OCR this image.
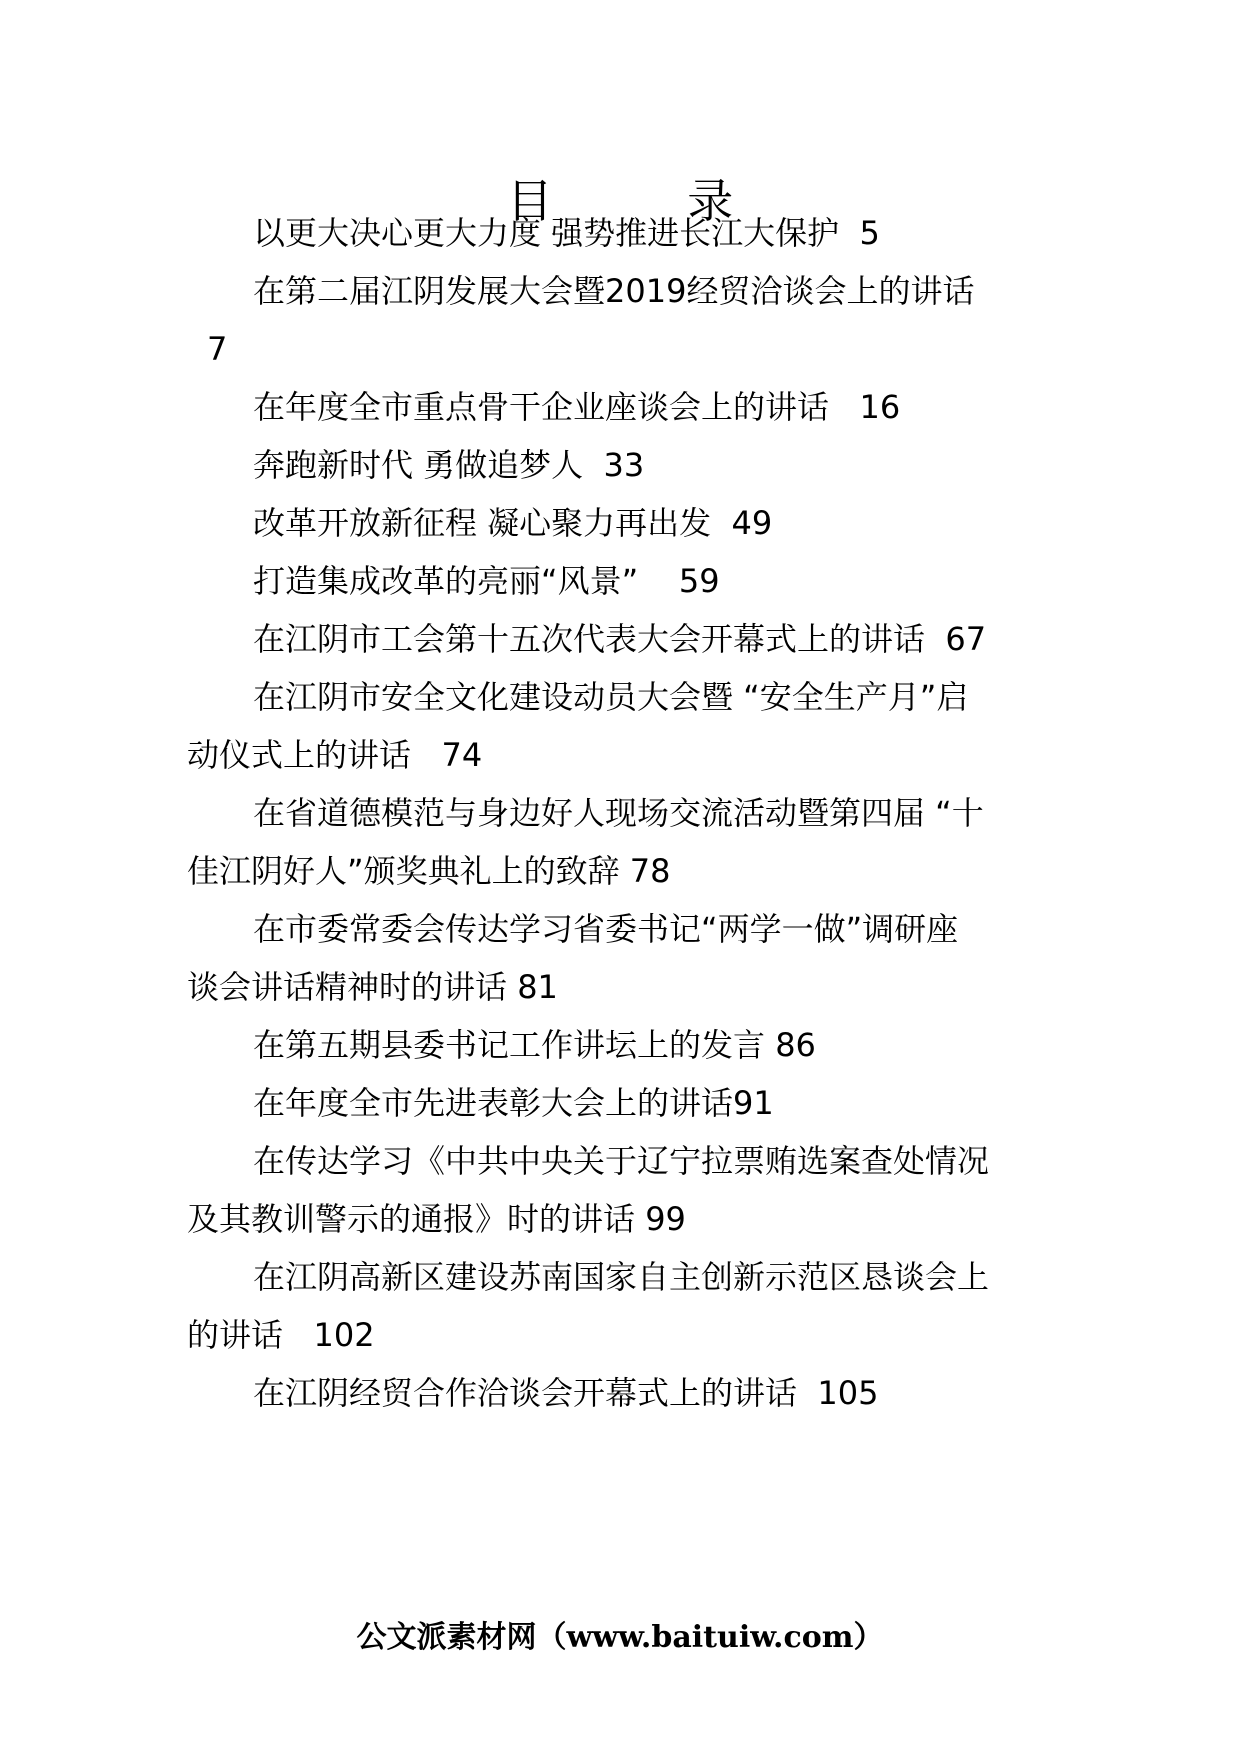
目 录
以更大决心更大力度 强势推进长江大保护 5
在第二届江阴发展大会暨2019经贸洽谈会上的讲话
7
在年度全市重点骨干企业座谈会上的讲话 16
奔跑新时代 勇做追梦人 33
改革开放新征程 凝心聚力再出发 49
打造集成改革的亮丽“风景” 59
在江阴市工会第十五次代表大会开幕式上的讲话 67
在江阴市安全文化建设动员大会暨 “安全生产月”启
动仪式上的讲话 74
在省道德模范与身边好人现场交流活动暨第四届 “十
佳江阴好人”颁奖典礼上的致辞 78
在市委常委会传达学习省委书记“两学一做”调研座
谈会讲话精神时的讲话 81
在第五期县委书记工作讲坛上的发言 86
在年度全市先进表彰大会上的讲话91
在传达学习《中共中央关于辽宁拉票贿选案查处情况
及其教训警示的通报》时的讲话 99
在江阴高新区建设苏南国家自主创新示范区恳谈会上
的讲话 102
在江阴经贸合作洽谈会开幕式上的讲话 105
公文派素材网（www.baituiw.com）
